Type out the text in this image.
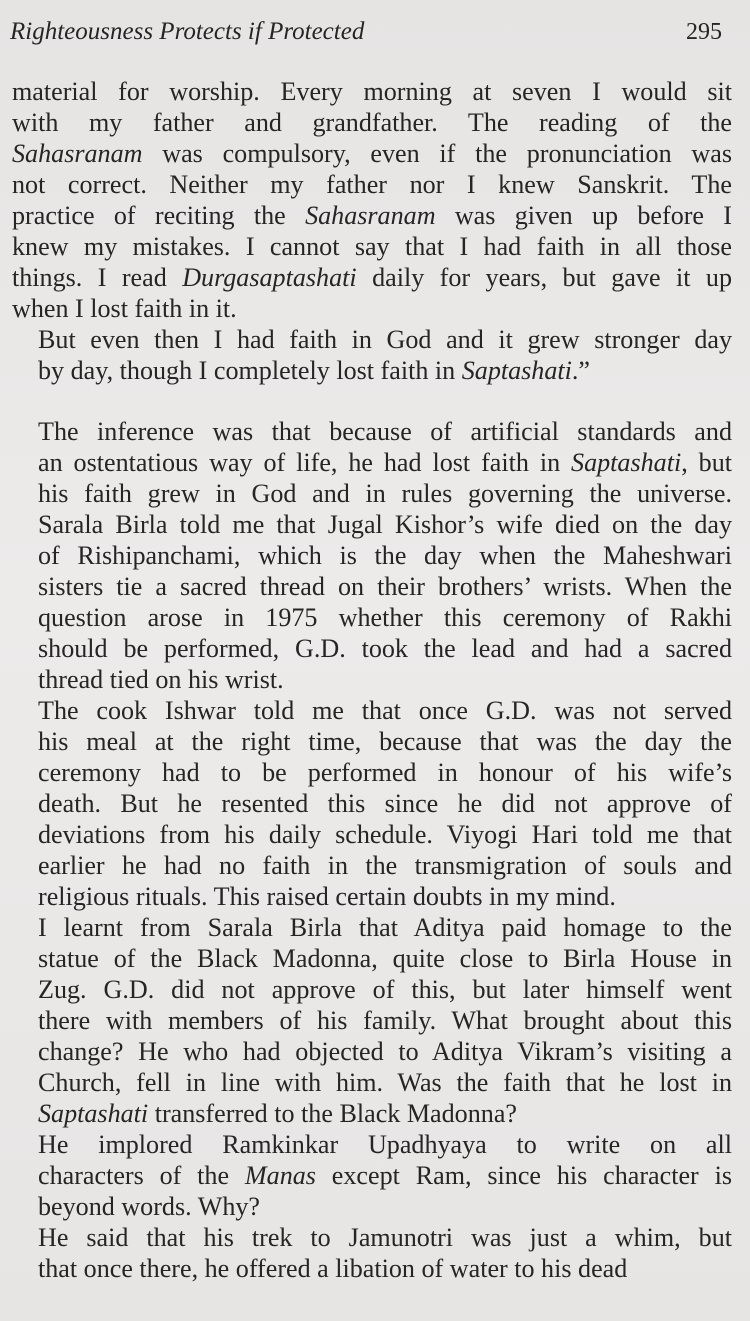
Righteousness Protects if Protected	295

material for worship. Every morning at seven I would sit
with my father and grandfather. The reading of the
Sahasranam was compulsory, even if the pronunciation was
not correct. Neither my father nor I knew Sanskrit. The
practice of reciting the Sahasranam was given up before I
knew my mistakes. I cannot say that I had faith in all those
things. I read Durgasaptashati daily for years, but gave it up
when I lost faith in it.

But even then I had faith in God and it grew stronger day
by day, though I completely lost faith in Saptashati.”

The inference was that because of artificial standards and
an ostentatious way of life, he had lost faith in Saptashati, but
his faith grew in God and in rules governing the universe.
Sarala Birla told me that Jugal Kishor’s wife died on the day
of Rishipanchami, which is the day when the Maheshwari
sisters tie a sacred thread on their brothers’ wrists. When the
question arose in 1975 whether this ceremony of Rakhi
should be performed, G.D. took the lead and had a sacred
thread tied on his wrist.

The cook Ishwar told me that once G.D. was not served
his meal at the right time, because that was the day the
ceremony had to be performed in honour of his wife’s
death. But he resented this since he did not approve of
deviations from his daily schedule. Viyogi Hari told me that
earlier he had no faith in the transmigration of souls and
religious rituals. This raised certain doubts in my mind.

I learnt from Sarala Birla that Aditya paid homage to the
statue of the Black Madonna, quite close to Birla House in
Zug. G.D. did not approve of this, but later himself went
there with members of his family. What brought about this
change? He who had objected to Aditya Vikram’s visiting a
Church, fell in line with him. Was the faith that he lost in
Saptashati transferred to the Black Madonna?

He implored Ramkinkar Upadhyaya to write on all
characters of the Manas except Ram, since his character is
beyond words. Why?

He said that his trek to Jamunotri was just a whim, but
that once there, he offered a libation of water to his dead
